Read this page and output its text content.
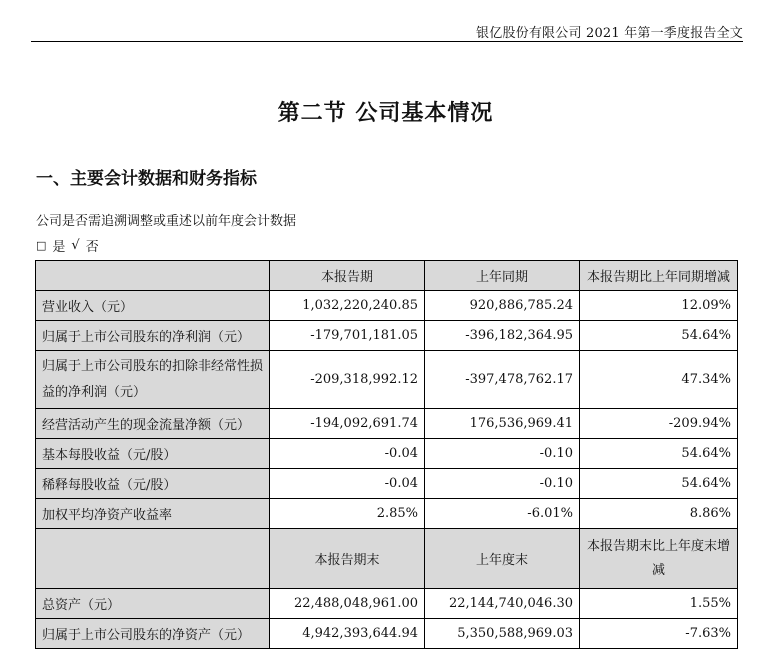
银亿股份有限公司 2021 年第一季度报告全文
第二节 公司基本情况
一、主要会计数据和财务指标
公司是否需追溯调整或重述以前年度会计数据
□ 是 √ 否
	本报告期	上年同期	本报告期比上年同期增减
营业收入（元）	1,032,220,240.85	920,886,785.24	12.09%
归属于上市公司股东的净利润（元）	-179,701,181.05	-396,182,364.95	54.64%
归属于上市公司股东的扣除非经常性损益的净利润（元）	-209,318,992.12	-397,478,762.17	47.34%
经营活动产生的现金流量净额（元）	-194,092,691.74	176,536,969.41	-209.94%
基本每股收益（元/股）	-0.04	-0.10	54.64%
稀释每股收益（元/股）	-0.04	-0.10	54.64%
加权平均净资产收益率	2.85%	-6.01%	8.86%
	本报告期末	上年度末	本报告期末比上年度末增减
总资产（元）	22,488,048,961.00	22,144,740,046.30	1.55%
归属于上市公司股东的净资产（元）	4,942,393,644.94	5,350,588,969.03	-7.63%
